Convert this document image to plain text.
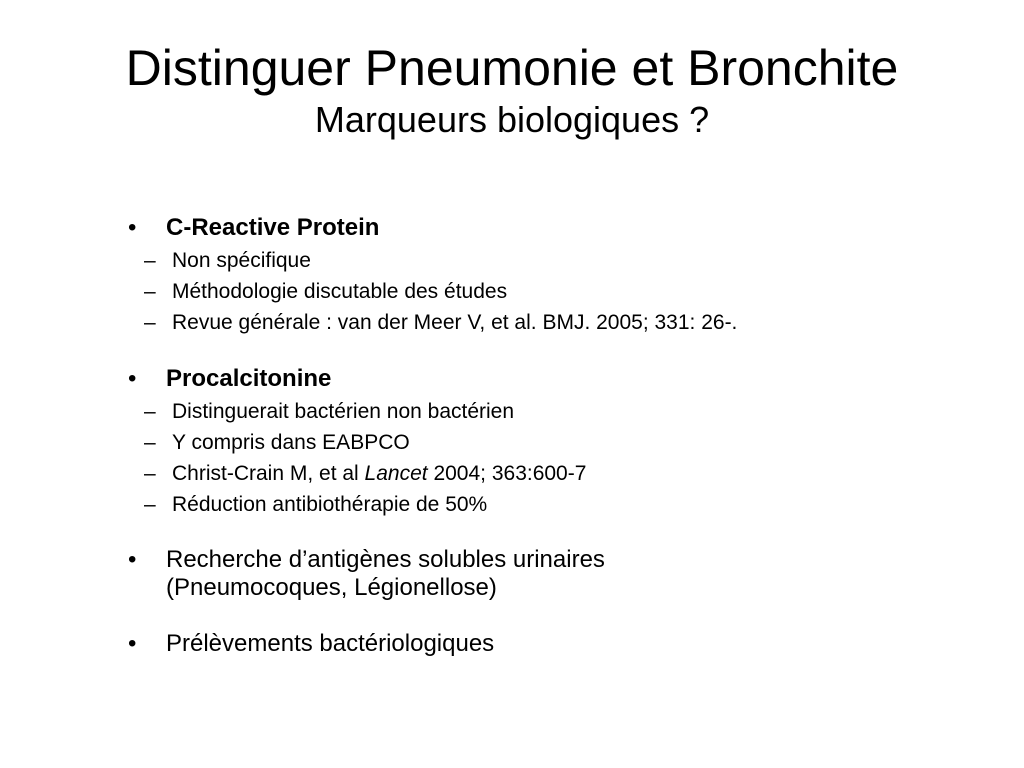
Distinguer Pneumonie et Bronchite
Marqueurs biologiques ?
•	C-Reactive Protein
– Non spécifique
– Méthodologie discutable des études
– Revue générale : van der Meer V, et al. BMJ. 2005; 331: 26-.
•	Procalcitonine
– Distinguerait bactérien non bactérien
– Y compris dans EABPCO
– Christ-Crain M, et al Lancet 2004; 363:600-7
– Réduction antibiothérapie de 50%
•	Recherche d’antigènes solubles urinaires
(Pneumocoques, Légionellose)
•	Prélèvements bactériologiques
